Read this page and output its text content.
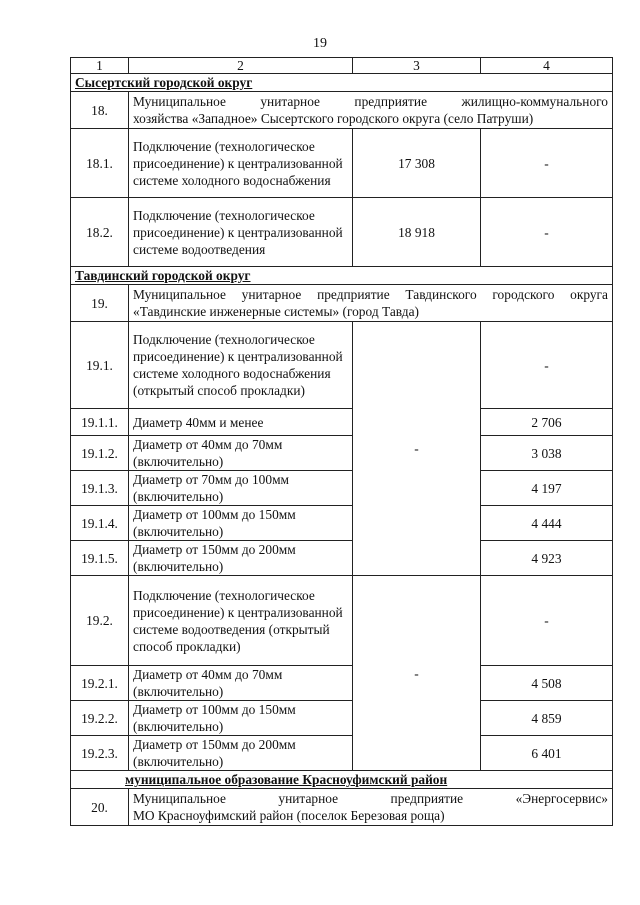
19
1	2	3	4
Сысертский городской округ			
18.	Муниципальное унитарное предприятие жилищно-коммунального
хозяйства «Западное» Сысертского городского округа (село Патруши)		

18.1.	Подключение (технологическое присоединение) к централизованной системе холодного водоснабжения	17 308	-
18.2.	Подключение (технологическое присоединение) к централизованной системе водоотведения	18 918	-
Тавдинский городской округ			
19.	Муниципальное унитарное предприятие Тавдинского городского округа
«Тавдинские инженерные системы» (город Тавда)		

19.1.	Подключение (технологическое присоединение) к централизованной системе холодного водоснабжения (открытый способ прокладки)	-	-
19.1.1.	Диаметр 40мм и менее		2 706
19.1.2.	Диаметр от 40мм до 70мм (включительно)		3 038
19.1.3.	Диаметр от 70мм до 100мм (включительно)		4 197
19.1.4.	Диаметр от 100мм до 150мм (включительно)		4 444
19.1.5.	Диаметр от 150мм до 200мм (включительно)		4 923
19.2.	Подключение (технологическое присоединение) к централизованной системе водоотведения (открытый способ прокладки)	-	-
19.2.1.	Диаметр от 40мм до 70мм (включительно)		4 508
19.2.2.	Диаметр от 100мм до 150мм (включительно)		4 859
19.2.3.	Диаметр от 150мм до 200мм (включительно)		6 401
муниципальное образование Красноуфимский район			
20.	Муниципальное унитарное предприятие «Энергосервис»
МО Красноуфимский район (поселок Березовая роща)		
